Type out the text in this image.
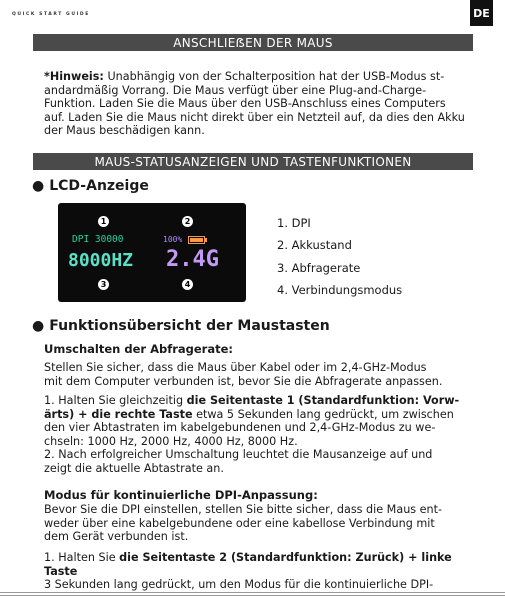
QUICK START GUIDE	DE
ANSCHLIEẞEN DER MAUS
*Hinweis: Unabhängig von der Schalterposition hat der USB-Modus st-
andardmäßig Vorrang. Die Maus verfügt über eine Plug-and-Charge-
Funktion. Laden Sie die Maus über den USB-Anschluss eines Computers
auf. Laden Sie die Maus nicht direkt über ein Netzteil auf, da dies den Akku
der Maus beschädigen kann.
MAUS-STATUSANZEIGEN UND TASTENFUNKTIONEN
● LCD-Anzeige
1	2
DPI 30000	100%
8000HZ 2.4G
3	4
1. DPI
2. Akkustand
3. Abfragerate
4. Verbindungsmodus
● Funktionsübersicht der Maustasten
Umschalten der Abfragerate:
Stellen Sie sicher, dass die Maus über Kabel oder im 2,4-GHz-Modus
mit dem Computer verbunden ist, bevor Sie die Abfragerate anpassen.
1. Halten Sie gleichzeitig die Seitentaste 1 (Standardfunktion: Vorw-
ärts) + die rechte Taste etwa 5 Sekunden lang gedrückt, um zwischen
den vier Abtastraten im kabelgebundenen und 2,4-GHz-Modus zu we-
chseln: 1000 Hz, 2000 Hz, 4000 Hz, 8000 Hz.
2. Nach erfolgreicher Umschaltung leuchtet die Mausanzeige auf und
zeigt die aktuelle Abtastrate an.
Modus für kontinuierliche DPI-Anpassung:
Bevor Sie die DPI einstellen, stellen Sie bitte sicher, dass die Maus ent-
weder über eine kabelgebundene oder eine kabellose Verbindung mit
dem Gerät verbunden ist.
1. Halten Sie die Seitentaste 2 (Standardfunktion: Zurück) + linke Taste
3 Sekunden lang gedrückt, um den Modus für die kontinuierliche DPI-
